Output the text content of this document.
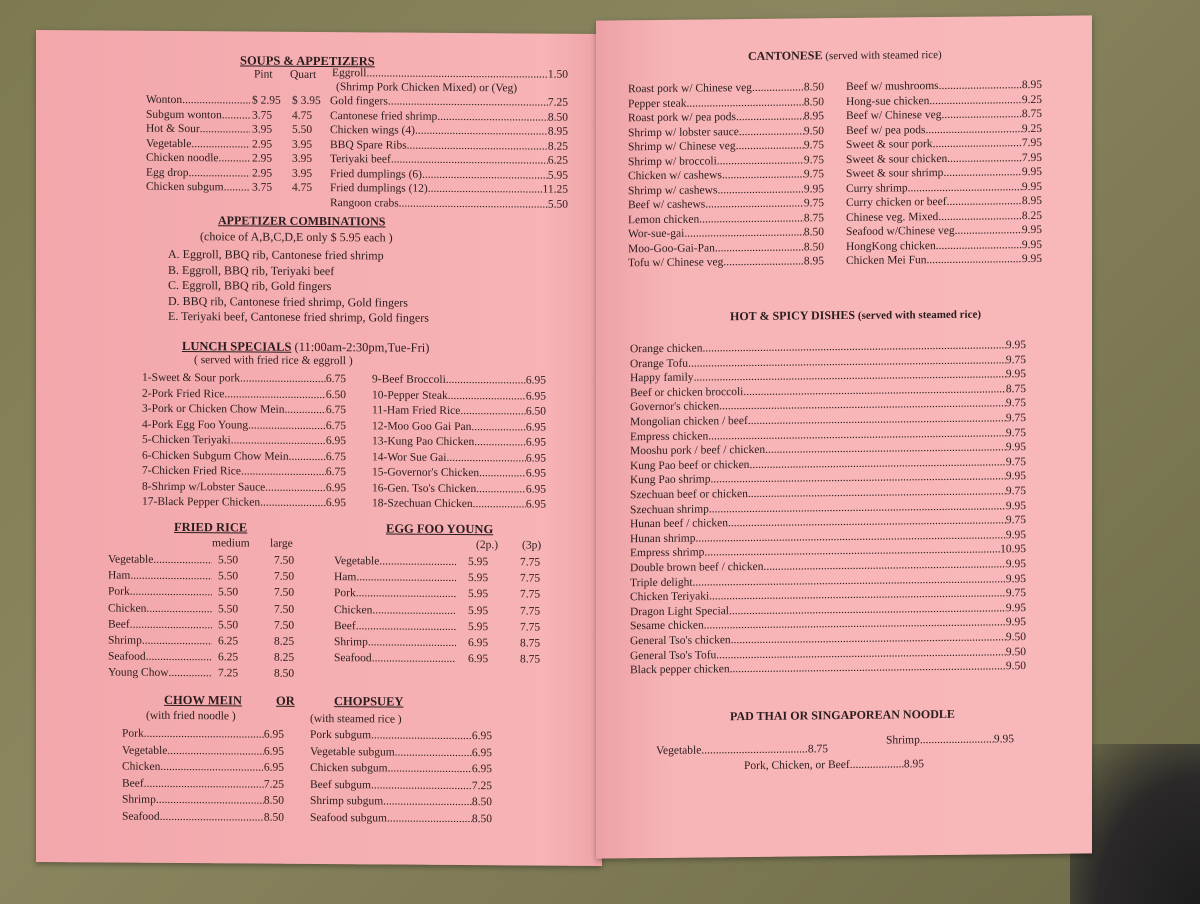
SOUPS & APPETIZERS
Pint Quart
Wonton .....	$ 2.95 $ 3.95
Subgum wonton .....	3.75 4.75
Hot & Sour .....	3.95 5.50
Vegetable .....	2.95 3.95
Chicken noodle .....	2.95 3.95
Egg drop .....	2.95 3.95
Chicken subgum ..... 3.75 4.75
Eggroll .....	1.50
(Shrimp Pork Chicken Mixed) or (Veg)
Gold fingers .....	7.25
Cantonese fried shrimp .....	8.50
Chicken wings (4) .....	8.95
BBQ Spare Ribs .....	8.25
Teriyaki beef .....	6.25
Fried dumplings (6) .....	5.95
Fried dumplings (12) .....	11.25
Rangoon crabs .....	5.50
APPETIZER COMBINATIONS
(choice of A,B,C,D,E only $ 5.95 each )
A. Eggroll, BBQ rib, Cantonese fried shrimp
B. Eggroll, BBQ rib, Teriyaki beef
C. Eggroll, BBQ rib, Gold fingers
D. BBQ rib, Cantonese fried shrimp, Gold fingers
E. Teriyaki beef, Cantonese fried shrimp, Gold fingers
LUNCH SPECIALS (11:00am-2:30pm,Tue-Fri)
( served with fried rice & eggroll )
1-Sweet & Sour pork .....	6.75
2-Pork Fried Rice .....	6.50
3-Pork or Chicken Chow Mein .....	6.75
4-Pork Egg Foo Young .....	6.75
5-Chicken Teriyaki .....	6.95
6-Chicken Subgum Chow Mein .....	6.75
7-Chicken Fried Rice .....	6.75
8-Shrimp w/Lobster Sauce .....	6.95
17-Black Pepper Chicken .....	6.95
9-Beef Broccoli .....	6.95
10-Pepper Steak .....	6.95
11-Ham Fried Rice .....	6.50
12-Moo Goo Gai Pan .....	6.95
13-Kung Pao Chicken .....	6.95
14-Wor Sue Gai .....	6.95
15-Governor's Chicken .....	6.95
16-Gen. Tso's Chicken .....	6.95
18-Szechuan Chicken .....	6.95
FRIED RICE
medium large
Vegetable .....	5.50	7.50
Ham .....	5.50	7.50
Pork .....	5.50	7.50
Chicken .....	5.50	7.50
Beef .....	5.50	7.50
Shrimp .....	6.25	8.25
Seafood .....	6.25	8.25
Young Chow .....	7.25	8.50
EGG FOO YOUNG
(2p.) (3p)
Vegetable .....	5.95	7.75
Ham .....	5.95	7.75
Pork .....	5.95	7.75
Chicken .....	5.95	7.75
Beef .....	5.95	7.75
Shrimp .....	6.95	8.75
Seafood .....	6.95	8.75
CHOW MEIN	OR
(with fried noodle )
Pork .....	6.95
Vegetable .....	6.95
Chicken .....	6.95
Beef .....	7.25
Shrimp .....	8.50
Seafood .....	8.50
CHOPSUEY
(with steamed rice )
Pork subgum .....	6.95
Vegetable subgum .....	6.95
Chicken subgum .....	6.95
Beef subgum .....	7.25
Shrimp subgum .....	8.50
Seafood subgum .....	8.50
CANTONESE (served with steamed rice)
Roast pork w/ Chinese veg .....	8.50
Pepper steak .....	8.50
Roast pork w/ pea pods .....	8.95
Shrimp w/ lobster sauce .....	9.50
Shrimp w/ Chinese veg .....	9.75
Shrimp w/ broccoli .....	9.75
Chicken w/ cashews .....	9.75
Shrimp w/ cashews .....	9.95
Beef w/ cashews .....	9.75
Lemon chicken .....	8.75
Wor-sue-gai .....	8.50
Moo-Goo-Gai-Pan .....	8.50
Tofu w/ Chinese veg .....	8.95
Beef w/ mushrooms .....	8.95
Hong-sue chicken .....	9.25
Beef w/ Chinese veg .....	8.75
Beef w/ pea pods .....	9.25
Sweet & sour pork .....	7.95
Sweet & sour chicken .....	7.95
Sweet & sour shrimp .....	9.95
Curry shrimp .....	9.95
Curry chicken or beef .....	8.95
Chinese veg. Mixed .....	8.25
Seafood w/Chinese veg .....	9.95
HongKong chicken .....	9.95
Chicken Mei Fun .....	9.95
HOT & SPICY DISHES (served with steamed rice)
Orange chicken .....	9.95
Orange Tofu .....	9.75
Happy family .....	9.95
Beef or chicken broccoli .....	8.75
Governor's chicken .....	9.75
Mongolian chicken / beef .....	9.75
Empress chicken .....	9.75
Mooshu pork / beef / chicken .....	9.95
Kung Pao beef or chicken .....	9.75
Kung Pao shrimp .....	9.95
Szechuan beef or chicken .....	9.75
Szechuan shrimp .....	9.95
Hunan beef / chicken .....	9.75
Hunan shrimp .....	9.95
Empress shrimp .....	10.95
Double brown beef / chicken .....	9.95
Triple delight .....	9.95
Chicken Teriyaki .....	9.75
Dragon Light Special .....	9.95
Sesame chicken .....	9.95
General Tso's chicken .....	9.50
General Tso's Tofu .....	9.50
Black pepper chicken .....	9.50
PAD THAI OR SINGAPOREAN NOODLE
Vegetable .....	8.75
Shrimp .....	9.95
Pork, Chicken, or Beef .....	8.95
